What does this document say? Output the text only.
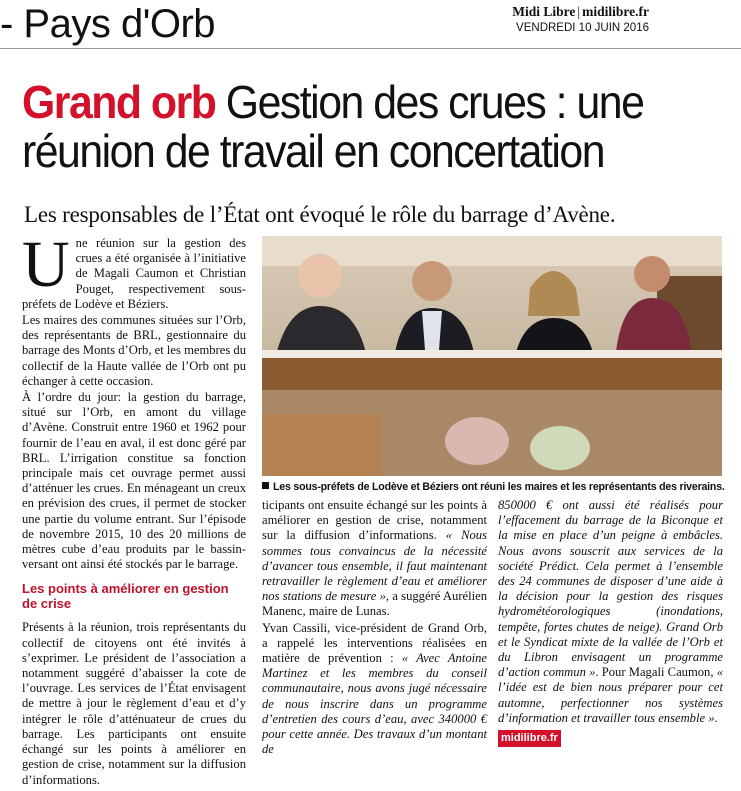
- Pays d'Orb	Midi Libre | midilibre.fr
VENDREDI 10 JUIN 2016
Grand orb Gestion des crues : une
réunion de travail en concertation
Les responsables de l’État ont évoqué le rôle du barrage d’Avène.

Une réunion sur la gestion des crues a été organisée à l’initiative de Magali Caumon et Christian Pouget, respectivement sous-préfets de Lodève et Béziers.

Les maires des communes situées sur l’Orb, des représentants de BRL, gestionnaire du barrage des Monts d’Orb, et les membres du collectif de la Haute vallée de l’Orb ont pu échanger à cette occasion.

À l’ordre du jour: la gestion du barrage, situé sur l’Orb, en amont du village d’Avène. Construit entre 1960 et 1962 pour fournir de l’eau en aval, il est donc géré par BRL. L’irrigation constitue sa fonction principale mais cet ouvrage permet aussi d’atténuer les crues. En ménageant un creux en prévision des crues, il permet de stocker une partie du volume entrant. Sur l’épisode de novembre 2015, 10 des 20 millions de mètres cube d’eau produits par le bassin-versant ont ainsi été stockés par le barrage.

Les points à améliorer en gestion de crise

Présents à la réunion, trois représentants du collectif de citoyens ont été invités à s’exprimer. Le président de l’association a notamment suggéré d’abaisser la cote de l’ouvrage. Les services de l’État envisagent de mettre à jour le règlement d’eau et d’y intégrer le rôle d’atténuateur de crues du barrage. Les participants ont ensuite échangé sur les points à améliorer en gestion de crise, notamment sur la diffusion d’informations.

Les sous-préfets de Lodève et Béziers ont réuni les maires et les représentants des riverains.

ticipants ont ensuite échangé sur les points à améliorer en gestion de crise, notamment sur la diffusion d’informations. « Nous sommes tous convaincus de la nécessité d’avancer tous ensemble, il faut maintenant retravailler le règlement d’eau et améliorer nos stations de mesure », a suggéré Aurélien Manenc, maire de Lunas.

Yvan Cassili, vice-président de Grand Orb, a rappelé les interventions réalisées en matière de prévention : « Avec Antoine Martinez et les membres du conseil communautaire, nous avons jugé nécessaire de nous inscrire dans un programme d’entretien des cours d’eau, avec 340000 € pour cette année. Des travaux d’un montant de

850000 € ont aussi été réalisés pour l’effacement du barrage de la Biconque et la mise en place d’un peigne à embâcles. Nous avons souscrit aux services de la société Prédict. Cela permet à l’ensemble des 24 communes de disposer d’une aide à la décision pour la gestion des risques hydrométéorologiques (inondations, tempête, fortes chutes de neige). Grand Orb et le Syndicat mixte de la vallée de l’Orb et du Libron envisagent un programme d’action commun ». Pour Magali Caumon, « l’idée est de bien nous préparer pour cet automne, perfectionner nos systèmes d’information et travailler tous ensemble ».

midilibre.fr
